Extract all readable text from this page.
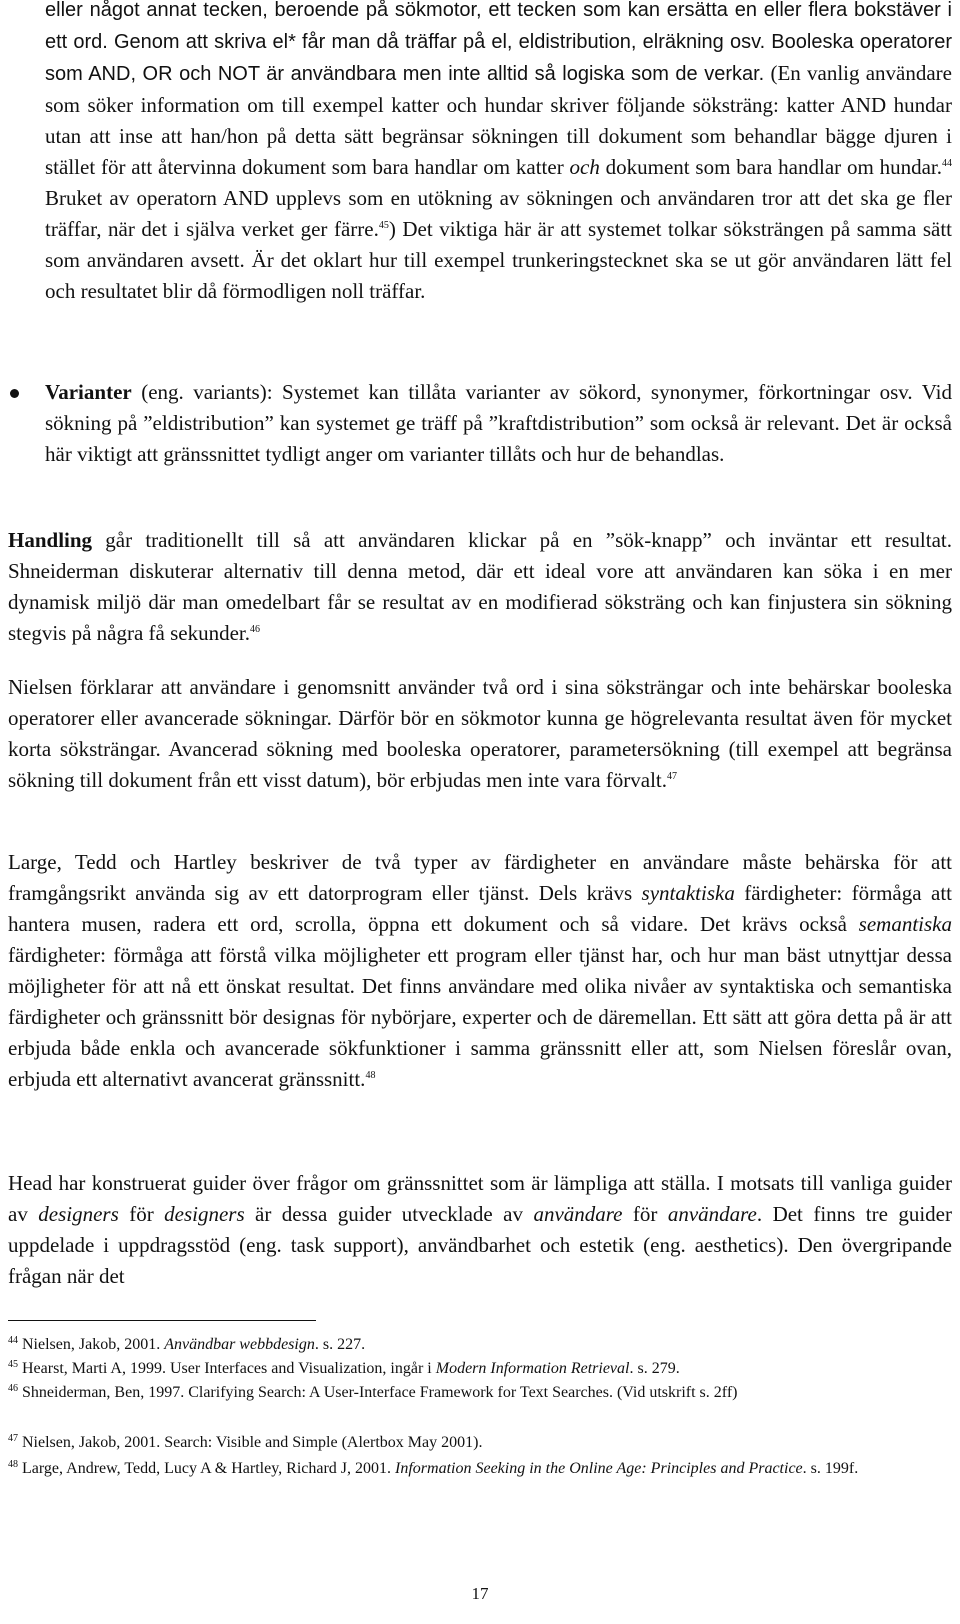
eller något annat tecken, beroende på sökmotor, ett tecken som kan ersätta en eller flera bokstäver i ett ord. Genom att skriva el* får man då träffar på el, eldistribution, elräkning osv. Booleska operatorer som AND, OR och NOT är användbara men inte alltid så logiska som de verkar. (En vanlig användare som söker information om till exempel katter och hundar skriver följande söksträng: katter AND hundar utan att inse att han/hon på detta sätt begränsar sökningen till dokument som behandlar bägge djuren i stället för att återvinna dokument som bara handlar om katter och dokument som bara handlar om hundar.$^{44}$ Bruket av operatorn AND upplevs som en utökning av sökningen och användaren tror att det ska ge fler träffar, när det i själva verket ger färre.$^{45}$) Det viktiga här är att systemet tolkar söksträngen på samma sätt som användaren avsett. Är det oklart hur till exempel trunkeringstecknet ska se ut gör användaren lätt fel och resultatet blir då förmodligen noll träffar.

Varianter (eng. variants): Systemet kan tillåta varianter av sökord, synonymer, förkortningar osv. Vid sökning på ”eldistribution” kan systemet ge träff på ”kraftdistribution” som också är relevant. Det är också här viktigt att gränssnittet tydligt anger om varianter tillåts och hur de behandlas.

Handling går traditionellt till så att användaren klickar på en ”sök-knapp” och inväntar ett resultat. Shneiderman diskuterar alternativ till denna metod, där ett ideal vore att användaren kan söka i en mer dynamisk miljö där man omedelbart får se resultat av en modifierad söksträng och kan finjustera sin sökning stegvis på några få sekunder.$^{46}$

Nielsen förklarar att användare i genomsnitt använder två ord i sina söksträngar och inte behärskar booleska operatorer eller avancerade sökningar. Därför bör en sökmotor kunna ge högrelevanta resultat även för mycket korta söksträngar. Avancerad sökning med booleska operatorer, parametersökning (till exempel att begränsa sökning till dokument från ett visst datum), bör erbjudas men inte vara förvalt.$^{47}$

Large, Tedd och Hartley beskriver de två typer av färdigheter en användare måste behärska för att framgångsrikt använda sig av ett datorprogram eller tjänst. Dels krävs syntaktiska färdigheter: förmåga att hantera musen, radera ett ord, scrolla, öppna ett dokument och så vidare. Det krävs också semantiska färdigheter: förmåga att förstå vilka möjligheter ett program eller tjänst har, och hur man bäst utnyttjar dessa möjligheter för att nå ett önskat resultat. Det finns användare med olika nivåer av syntaktiska och semantiska färdigheter och gränssnitt bör designas för nybörjare, experter och de däremellan. Ett sätt att göra detta på är att erbjuda både enkla och avancerade sökfunktioner i samma gränssnitt eller att, som Nielsen föreslår ovan, erbjuda ett alternativt avancerat gränssnitt.$^{48}$

Head har konstruerat guider över frågor om gränssnittet som är lämpliga att ställa. I motsats till vanliga guider av designers för designers är dessa guider utvecklade av användare för användare. Det finns tre guider uppdelade i uppdragsstöd (eng. task support), användbarhet och estetik (eng. aesthetics). Den övergripande frågan när det

$^{44}$ Nielsen, Jakob, 2001. Användbar webbdesign. s. 227.

$^{45}$ Hearst, Marti A, 1999. User Interfaces and Visualization, ingår i Modern Information Retrieval. s. 279.

$^{46}$ Shneiderman, Ben, 1997. Clarifying Search: A User-Interface Framework for Text Searches. (Vid utskrift s. 2ff)

$^{47}$ Nielsen, Jakob, 2001. Search: Visible and Simple (Alertbox May 2001).

$^{48}$ Large, Andrew, Tedd, Lucy A & Hartley, Richard J, 2001. Information Seeking in the Online Age: Principles and Practice. s. 199f.

17
